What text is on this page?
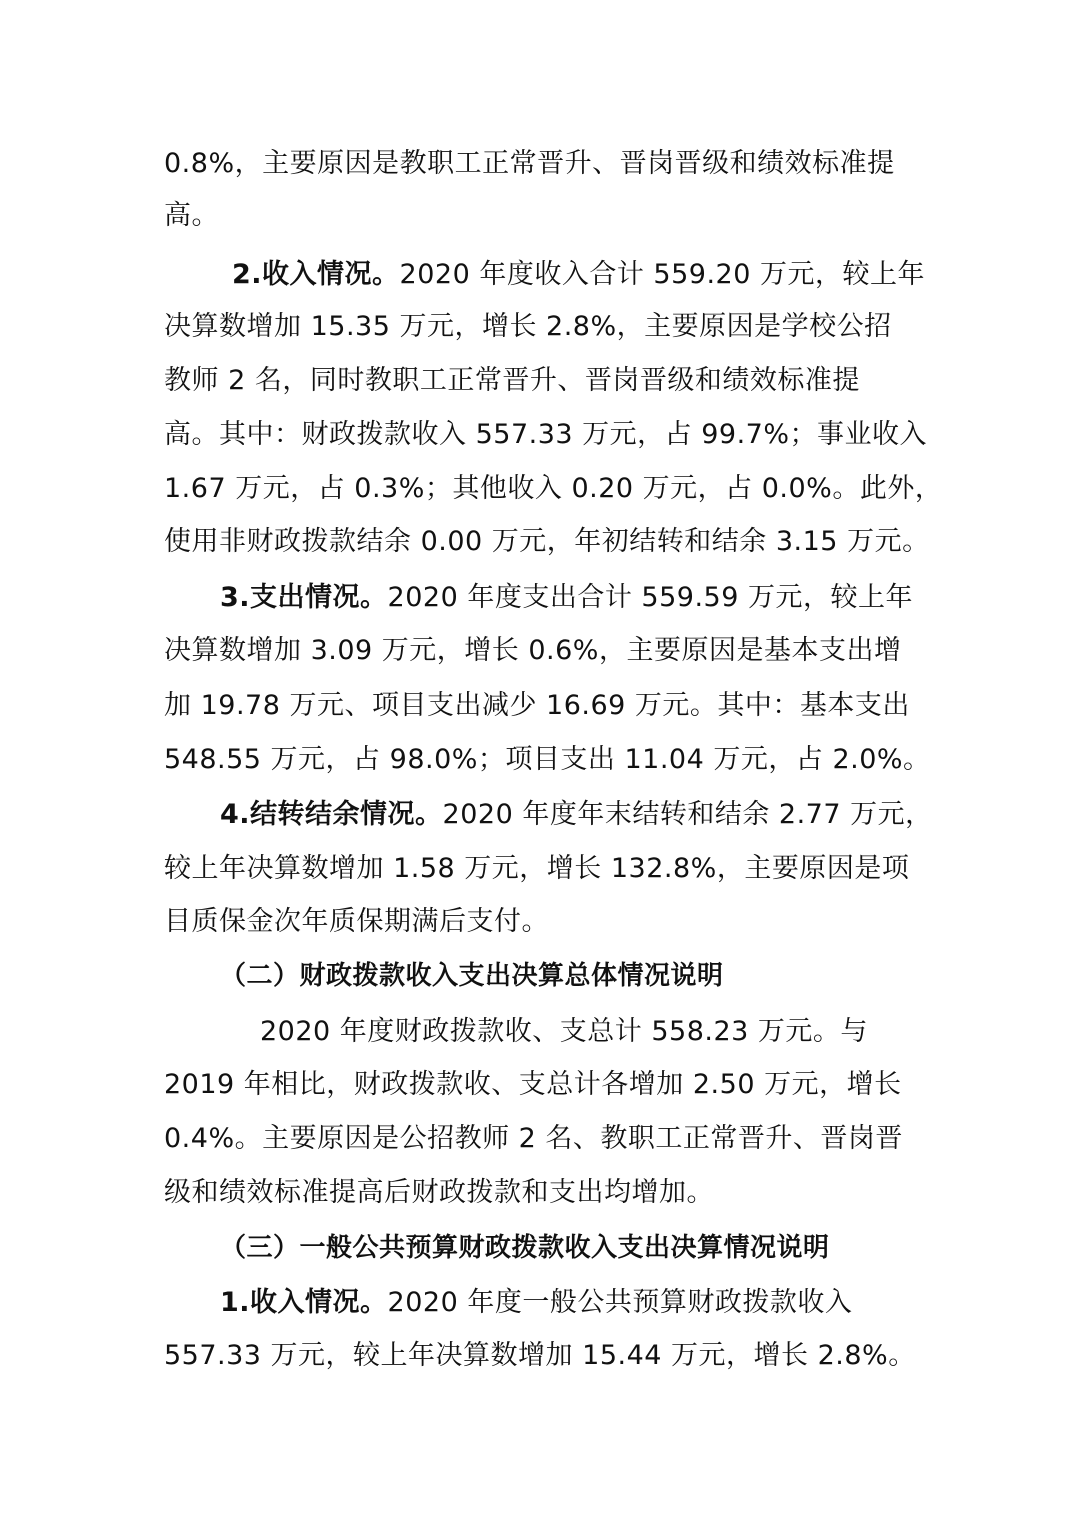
0.8%，主要原因是教职工正常晋升、晋岗晋级和绩效标准提
高。
2.收入情况。2020 年度收入合计 559.20 万元，较上年
决算数增加 15.35 万元，增长 2.8%，主要原因是学校公招
教师 2 名，同时教职工正常晋升、晋岗晋级和绩效标准提
高。其中：财政拨款收入 557.33 万元，占 99.7%；事业收入
1.67 万元，占 0.3%；其他收入 0.20 万元，占 0.0%。此外，
使用非财政拨款结余 0.00 万元，年初结转和结余 3.15 万元。
3.支出情况。2020 年度支出合计 559.59 万元，较上年
决算数增加 3.09 万元，增长 0.6%，主要原因是基本支出增
加 19.78 万元、项目支出减少 16.69 万元。其中：基本支出
548.55 万元，占 98.0%；项目支出 11.04 万元，占 2.0%。
4.结转结余情况。2020 年度年末结转和结余 2.77 万元，
较上年决算数增加 1.58 万元，增长 132.8%，主要原因是项
目质保金次年质保期满后支付。
（二）财政拨款收入支出决算总体情况说明
2020 年度财政拨款收、支总计 558.23 万元。与
2019 年相比，财政拨款收、支总计各增加 2.50 万元，增长
0.4%。主要原因是公招教师 2 名、教职工正常晋升、晋岗晋
级和绩效标准提高后财政拨款和支出均增加。
（三）一般公共预算财政拨款收入支出决算情况说明
1.收入情况。2020 年度一般公共预算财政拨款收入
557.33 万元，较上年决算数增加 15.44 万元，增长 2.8%。
